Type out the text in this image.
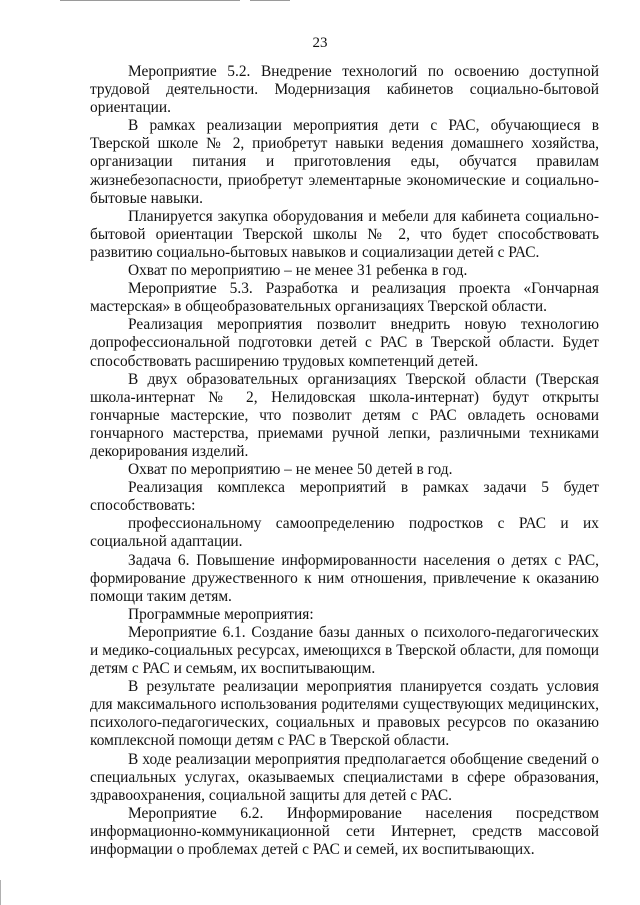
23

Мероприятие 5.2. Внедрение технологий по освоению доступной трудовой деятельности. Модернизация кабинетов социально-бытовой ориентации.

В рамках реализации мероприятия дети с РАС, обучающиеся в Тверской школе № 2, приобретут навыки ведения домашнего хозяйства, организации питания и приготовления еды, обучатся правилам жизнебезопасности, приобретут элементарные экономические и социально-бытовые навыки.

Планируется закупка оборудования и мебели для кабинета социально-бытовой ориентации Тверской школы № 2, что будет способствовать развитию социально-бытовых навыков и социализации детей с РАС.

Охват по мероприятию – не менее 31 ребенка в год.

Мероприятие 5.3. Разработка и реализация проекта «Гончарная мастерская» в общеобразовательных организациях Тверской области.

Реализация мероприятия позволит внедрить новую технологию допрофессиональной подготовки детей с РАС в Тверской области. Будет способствовать расширению трудовых компетенций детей.

В двух образовательных организациях Тверской области (Тверская школа-интернат № 2, Нелидовская школа-интернат) будут открыты гончарные мастерские, что позволит детям с РАС овладеть основами гончарного мастерства, приемами ручной лепки, различными техниками декорирования изделий.

Охват по мероприятию – не менее 50 детей в год.

Реализация комплекса мероприятий в рамках задачи 5 будет способствовать:

профессиональному самоопределению подростков с РАС и их социальной адаптации.

Задача 6. Повышение информированности населения о детях с РАС, формирование дружественного к ним отношения, привлечение к оказанию помощи таким детям.

Программные мероприятия:

Мероприятие 6.1. Создание базы данных о психолого-педагогических и медико-социальных ресурсах, имеющихся в Тверской области, для помощи детям с РАС и семьям, их воспитывающим.

В результате реализации мероприятия планируется создать условия для максимального использования родителями существующих медицинских, психолого-педагогических, социальных и правовых ресурсов по оказанию комплексной помощи детям с РАС в Тверской области.

В ходе реализации мероприятия предполагается обобщение сведений о специальных услугах, оказываемых специалистами в сфере образования, здравоохранения, социальной защиты для детей с РАС.

Мероприятие 6.2. Информирование населения посредством информационно-коммуникационной сети Интернет, средств массовой информации о проблемах детей с РАС и семей, их воспитывающих.
